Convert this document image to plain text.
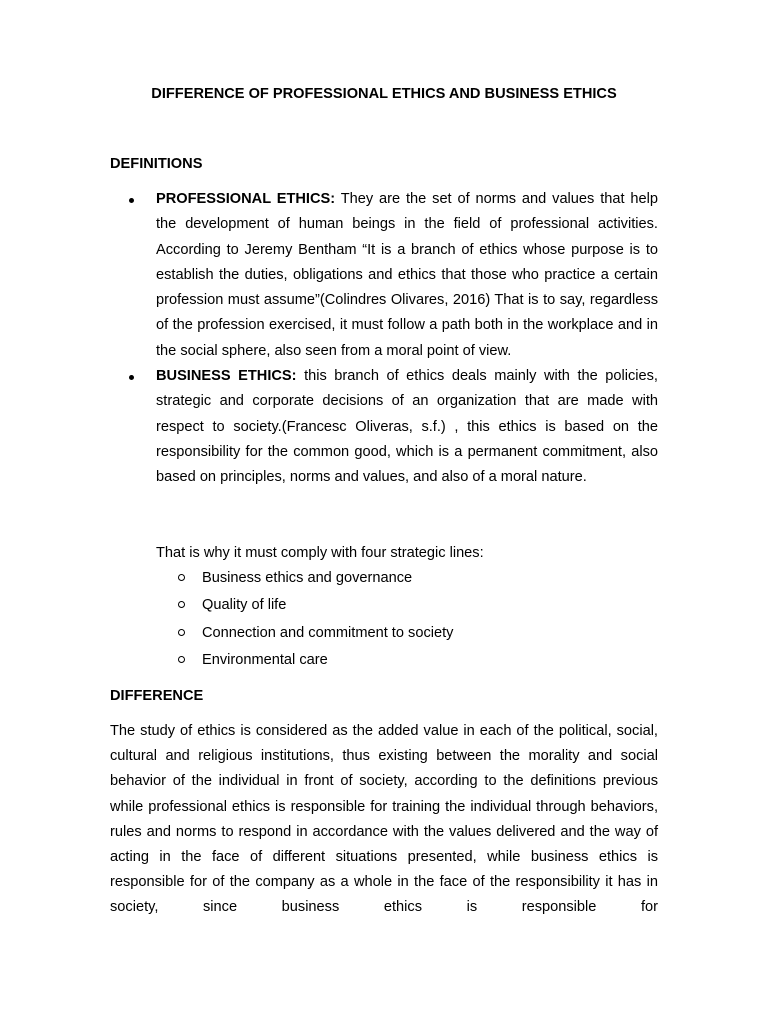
DIFFERENCE OF PROFESSIONAL ETHICS AND BUSINESS ETHICS
DEFINITIONS
PROFESSIONAL ETHICS: They are the set of norms and values that help the development of human beings in the field of professional activities. According to Jeremy Bentham “It is a branch of ethics whose purpose is to establish the duties, obligations and ethics that those who practice a certain profession must assume”(Colindres Olivares, 2016) That is to say, regardless of the profession exercised, it must follow a path both in the workplace and in the social sphere, also seen from a moral point of view.
BUSINESS ETHICS: this branch of ethics deals mainly with the policies, strategic and corporate decisions of an organization that are made with respect to society.(Francesc Oliveras, s.f.) , this ethics is based on the responsibility for the common good, which is a permanent commitment, also based on principles, norms and values, and also of a moral nature.
That is why it must comply with four strategic lines:
Business ethics and governance
Quality of life
Connection and commitment to society
Environmental care
DIFFERENCE
The study of ethics is considered as the added value in each of the political, social, cultural and religious institutions, thus existing between the morality and social behavior of the individual in front of society, according to the definitions previous while professional ethics is responsible for training the individual through behaviors, rules and norms to respond in accordance with the values delivered and the way of acting in the face of different situations presented, while business ethics is responsible for of the company as a whole in the face of the responsibility it has in society, since business ethics is responsible for
